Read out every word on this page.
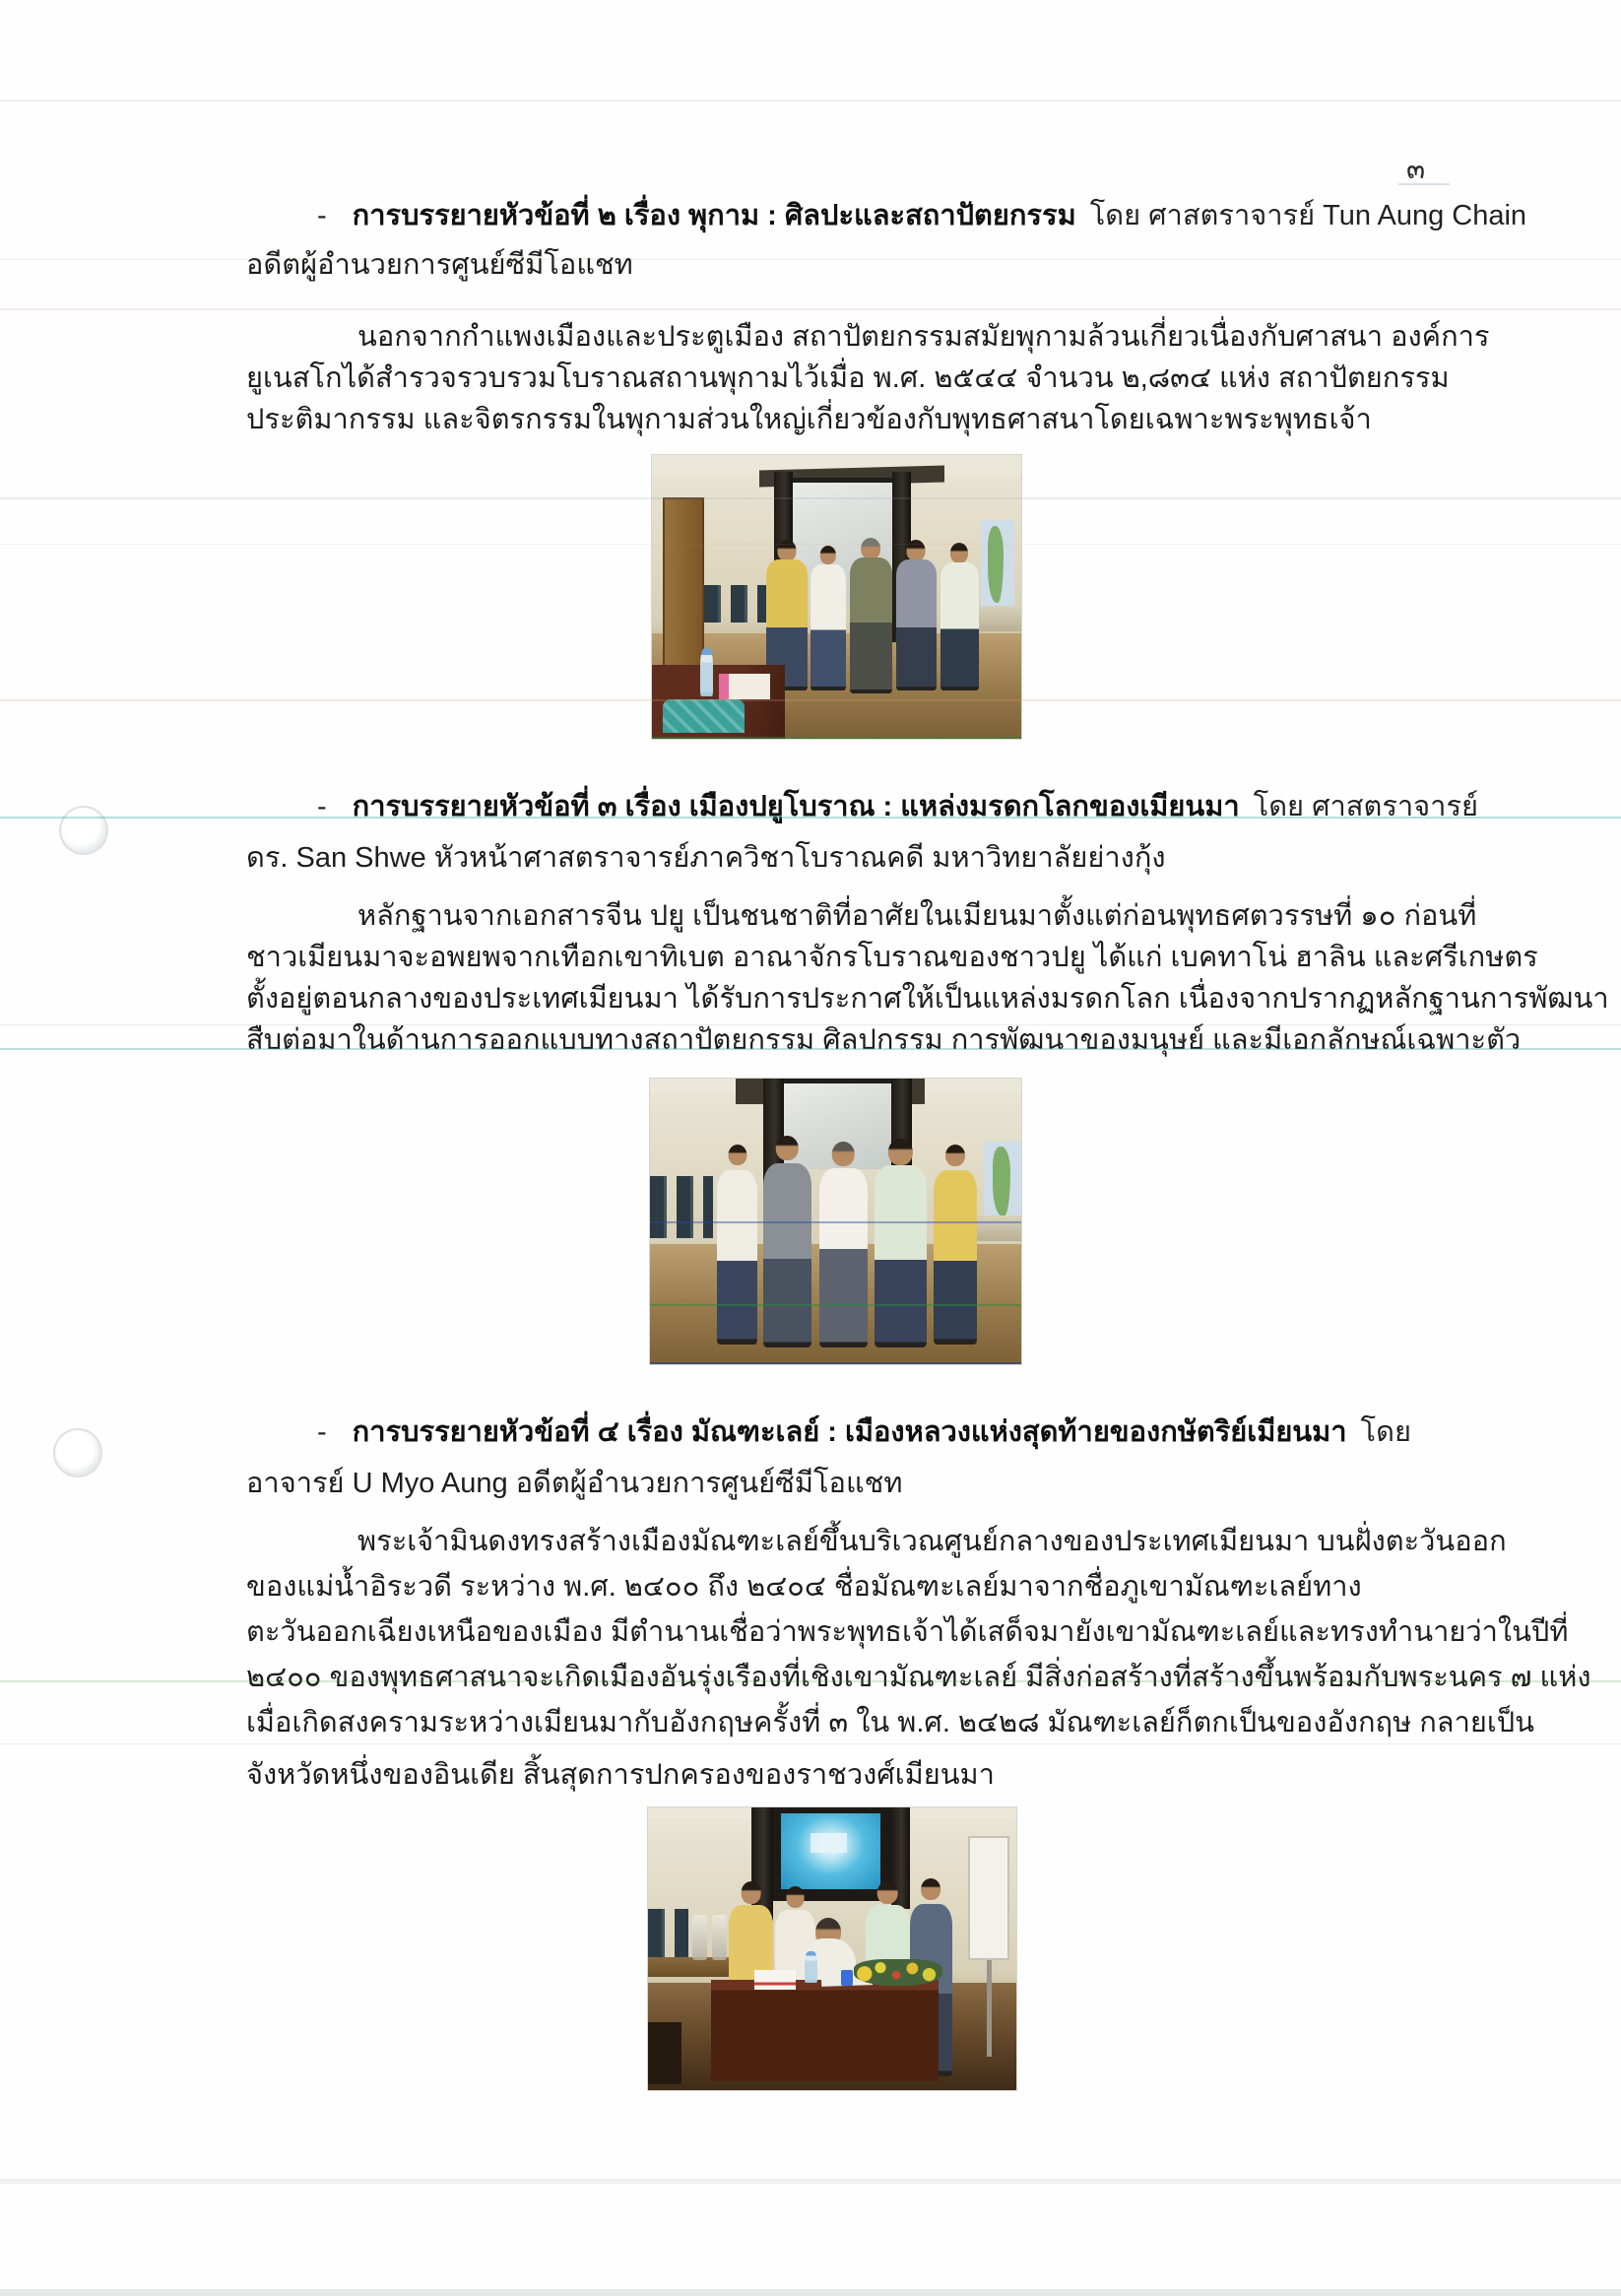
๓
- การบรรยายหัวข้อที่ ๒ เรื่อง พุกาม : ศิลปะและสถาปัตยกรรม โดย ศาสตราจารย์ Tun Aung Chain
อดีตผู้อำนวยการศูนย์ซีมีโอแชท
นอกจากกำแพงเมืองและประตูเมือง สถาปัตยกรรมสมัยพุกามล้วนเกี่ยวเนื่องกับศาสนา องค์การ
ยูเนสโกได้สำรวจรวบรวมโบราณสถานพุกามไว้เมื่อ พ.ศ. ๒๕๔๔ จำนวน ๒,๘๓๔ แห่ง สถาปัตยกรรม
ประติมากรรม และจิตรกรรมในพุกามส่วนใหญ่เกี่ยวข้องกับพุทธศาสนาโดยเฉพาะพระพุทธเจ้า
- การบรรยายหัวข้อที่ ๓ เรื่อง เมืองปยูโบราณ : แหล่งมรดกโลกของเมียนมา โดย ศาสตราจารย์
ดร. San Shwe หัวหน้าศาสตราจารย์ภาควิชาโบราณคดี มหาวิทยาลัยย่างกุ้ง
หลักฐานจากเอกสารจีน ปยู เป็นชนชาติที่อาศัยในเมียนมาตั้งแต่ก่อนพุทธศตวรรษที่ ๑๐ ก่อนที่
ชาวเมียนมาจะอพยพจากเทือกเขาทิเบต อาณาจักรโบราณของชาวปยู ได้แก่ เบคทาโน่ ฮาลิน และศรีเกษตร
ตั้งอยู่ตอนกลางของประเทศเมียนมา ได้รับการประกาศให้เป็นแหล่งมรดกโลก เนื่องจากปรากฏหลักฐานการพัฒนา
สืบต่อมาในด้านการออกแบบทางสถาปัตยกรรม ศิลปกรรม การพัฒนาของมนุษย์ และมีเอกลักษณ์เฉพาะตัว
- การบรรยายหัวข้อที่ ๔ เรื่อง มัณฑะเลย์ : เมืองหลวงแห่งสุดท้ายของกษัตริย์เมียนมา โดย
อาจารย์ U Myo Aung อดีตผู้อำนวยการศูนย์ซีมีโอแชท
พระเจ้ามินดงทรงสร้างเมืองมัณฑะเลย์ขึ้นบริเวณศูนย์กลางของประเทศเมียนมา บนฝั่งตะวันออก
ของแม่น้ำอิระวดี ระหว่าง พ.ศ. ๒๔๐๐ ถึง ๒๔๐๔ ชื่อมัณฑะเลย์มาจากชื่อภูเขามัณฑะเลย์ทาง
ตะวันออกเฉียงเหนือของเมือง มีตำนานเชื่อว่าพระพุทธเจ้าได้เสด็จมายังเขามัณฑะเลย์และทรงทำนายว่าในปีที่
๒๔๐๐ ของพุทธศาสนาจะเกิดเมืองอันรุ่งเรืองที่เชิงเขามัณฑะเลย์ มีสิ่งก่อสร้างที่สร้างขึ้นพร้อมกับพระนคร ๗ แห่ง
เมื่อเกิดสงครามระหว่างเมียนมากับอังกฤษครั้งที่ ๓ ใน พ.ศ. ๒๔๒๘ มัณฑะเลย์ก็ตกเป็นของอังกฤษ กลายเป็น
จังหวัดหนึ่งของอินเดีย สิ้นสุดการปกครองของราชวงศ์เมียนมา
